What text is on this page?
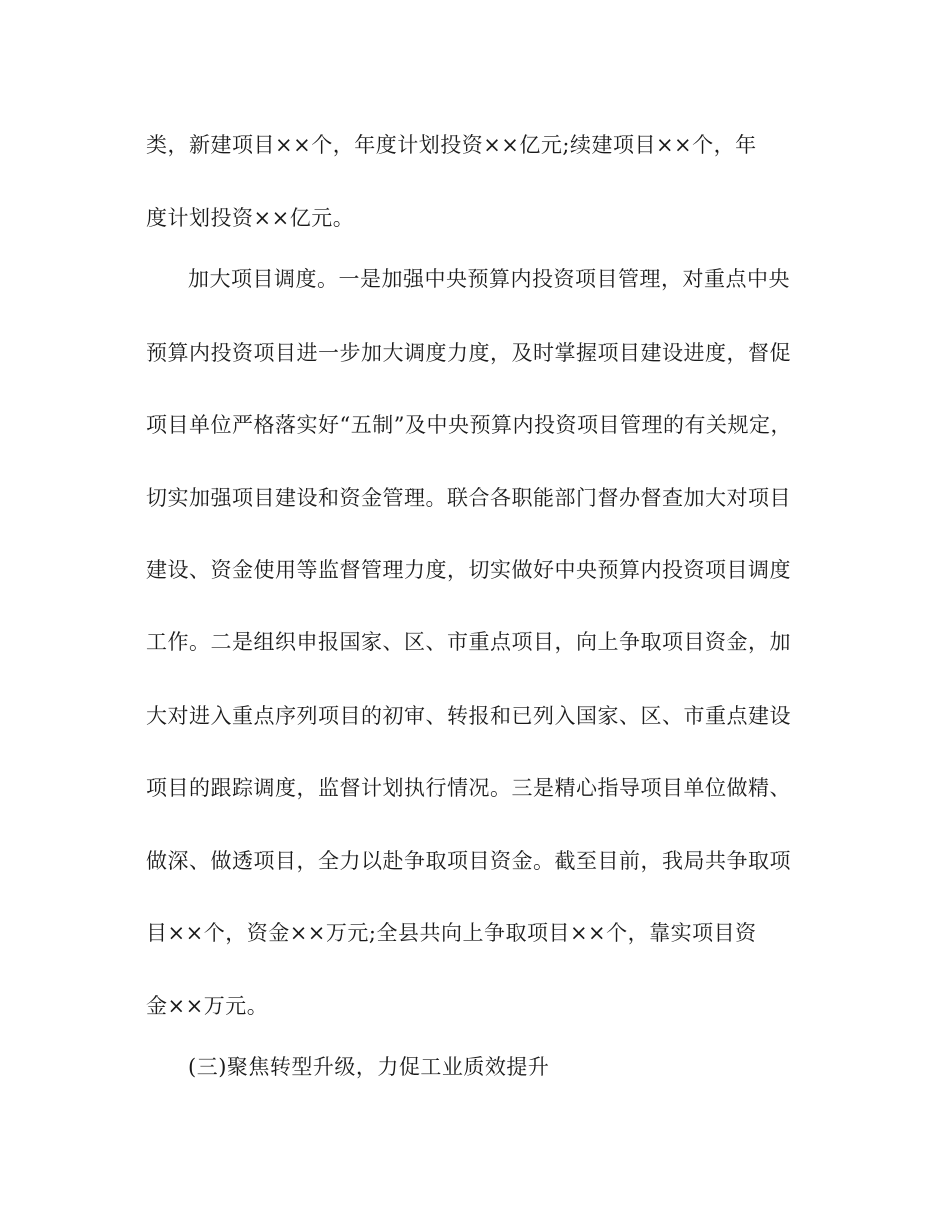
类，新建项目××个，年度计划投资××亿元;续建项目××个，年
度计划投资××亿元。
加大项目调度。一是加强中央预算内投资项目管理，对重点中央
预算内投资项目进一步加大调度力度，及时掌握项目建设进度，督促
项目单位严格落实好“五制”及中央预算内投资项目管理的有关规定，
切实加强项目建设和资金管理。联合各职能部门督办督查加大对项目
建设、资金使用等监督管理力度，切实做好中央预算内投资项目调度
工作。二是组织申报国家、区、市重点项目，向上争取项目资金，加
大对进入重点序列项目的初审、转报和已列入国家、区、市重点建设
项目的跟踪调度，监督计划执行情况。三是精心指导项目单位做精、
做深、做透项目，全力以赴争取项目资金。截至目前，我局共争取项
目××个，资金××万元;全县共向上争取项目××个，靠实项目资
金××万元。
(三)聚焦转型升级，力促工业质效提升
